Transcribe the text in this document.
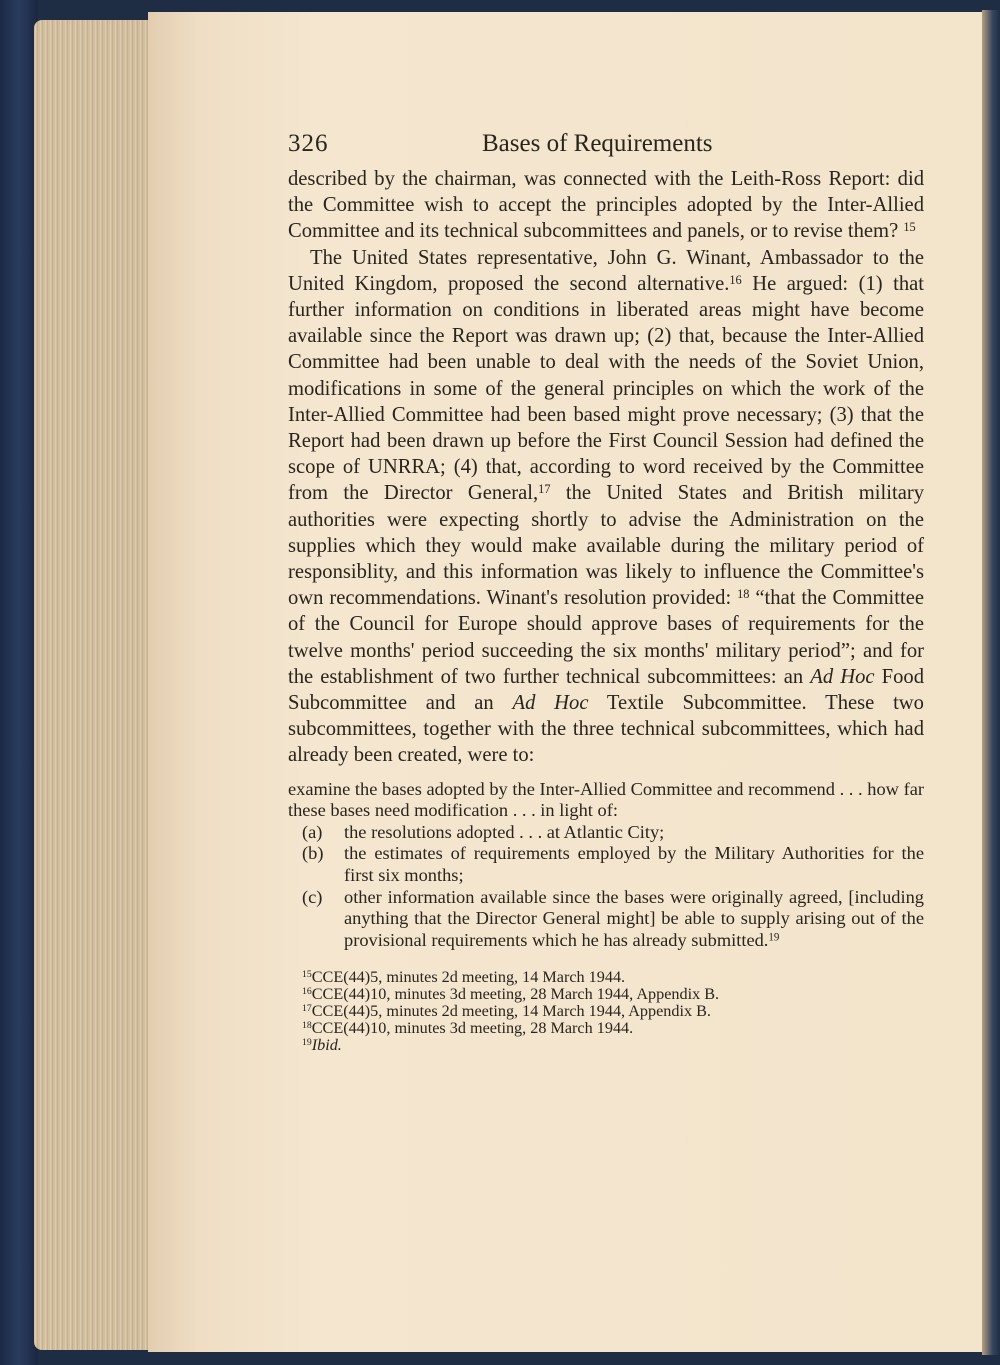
326	Bases of Requirements

described by the chairman, was connected with the Leith-Ross Report: did the Committee wish to accept the principles adopted by the Inter-Allied Committee and its technical subcommittees and panels, or to revise them? $^{15}$

The United States representative, John G. Winant, Ambassador to the United Kingdom, proposed the second alternative.$^{16}$ He argued: (1) that further information on conditions in liberated areas might have become available since the Report was drawn up; (2) that, because the Inter-Allied Committee had been unable to deal with the needs of the Soviet Union, modifications in some of the general principles on which the work of the Inter-Allied Committee had been based might prove necessary; (3) that the Report had been drawn up before the First Council Session had defined the scope of UNRRA; (4) that, according to word received by the Committee from the Director General,$^{17}$ the United States and British military authorities were expecting shortly to advise the Administration on the supplies which they would make available during the military period of responsiblity, and this information was likely to influence the Committee's own recommendations. Winant's resolution provided: $^{18}$ “that the Committee of the Council for Europe should approve bases of requirements for the twelve months' period succeeding the six months' military period”; and for the establishment of two further technical subcommittees: an Ad Hoc Food Subcommittee and an Ad Hoc Textile Subcommittee. These two subcommittees, together with the three technical subcommittees, which had already been created, were to:

examine the bases adopted by the Inter-Allied Committee and recommend . . . how far these bases need modification . . . in light of:

(a)	the resolutions adopted . . . at Atlantic City;
(b)	the estimates of requirements employed by the Military Authorities for the first six months;
(c)	other information available since the bases were originally agreed, [including anything that the Director General might] be able to supply arising out of the provisional requirements which he has already submitted.$^{19}$

$^{15}$CCE(44)5, minutes 2d meeting, 14 March 1944.

$^{16}$CCE(44)10, minutes 3d meeting, 28 March 1944, Appendix B.

$^{17}$CCE(44)5, minutes 2d meeting, 14 March 1944, Appendix B.

$^{18}$CCE(44)10, minutes 3d meeting, 28 March 1944.

$^{19}$Ibid.
